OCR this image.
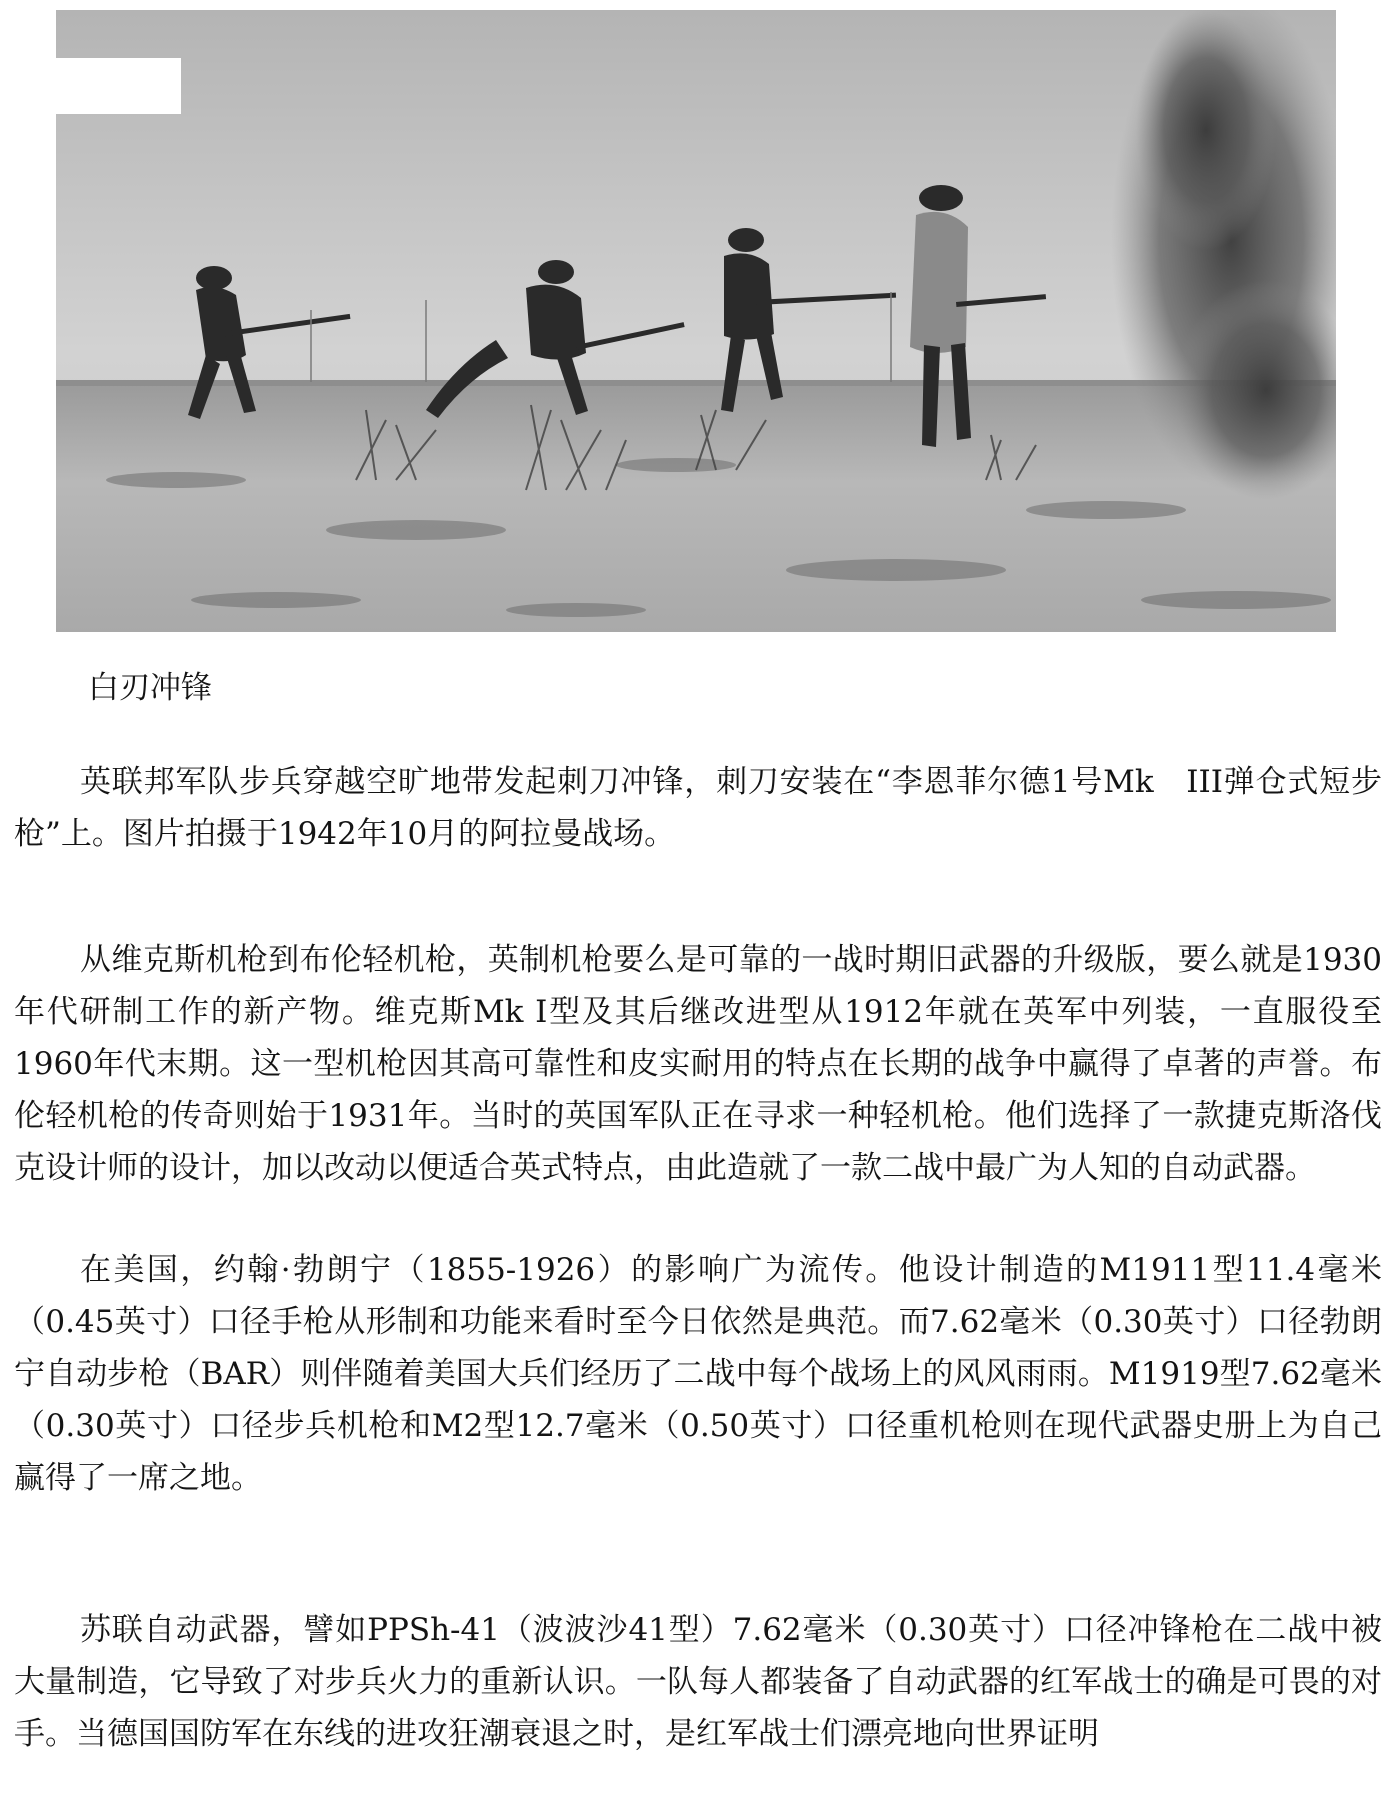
白刃冲锋

英联邦军队步兵穿越空旷地带发起刺刀冲锋，刺刀安装在“李恩菲尔德1号Mk　III弹仓式短步枪”上。图片拍摄于1942年10月的阿拉曼战场。

从维克斯机枪到布伦轻机枪，英制机枪要么是可靠的一战时期旧武器的升级版，要么就是1930年代研制工作的新产物。维克斯Mk I型及其后继改进型从1912年就在英军中列装，一直服役至1960年代末期。这一型机枪因其高可靠性和皮实耐用的特点在长期的战争中赢得了卓著的声誉。布伦轻机枪的传奇则始于1931年。当时的英国军队正在寻求一种轻机枪。他们选择了一款捷克斯洛伐克设计师的设计，加以改动以便适合英式特点，由此造就了一款二战中最广为人知的自动武器。

在美国，约翰·勃朗宁（1855-1926）的影响广为流传。他设计制造的M1911型11.4毫米（0.45英寸）口径手枪从形制和功能来看时至今日依然是典范。而7.62毫米（0.30英寸）口径勃朗宁自动步枪（BAR）则伴随着美国大兵们经历了二战中每个战场上的风风雨雨。M1919型7.62毫米（0.30英寸）口径步兵机枪和M2型12.7毫米（0.50英寸）口径重机枪则在现代武器史册上为自己赢得了一席之地。

苏联自动武器，譬如PPSh-41（波波沙41型）7.62毫米（0.30英寸）口径冲锋枪在二战中被大量制造，它导致了对步兵火力的重新认识。一队每人都装备了自动武器的红军战士的确是可畏的对手。当德国国防军在东线的进攻狂潮衰退之时，是红军战士们漂亮地向世界证明
